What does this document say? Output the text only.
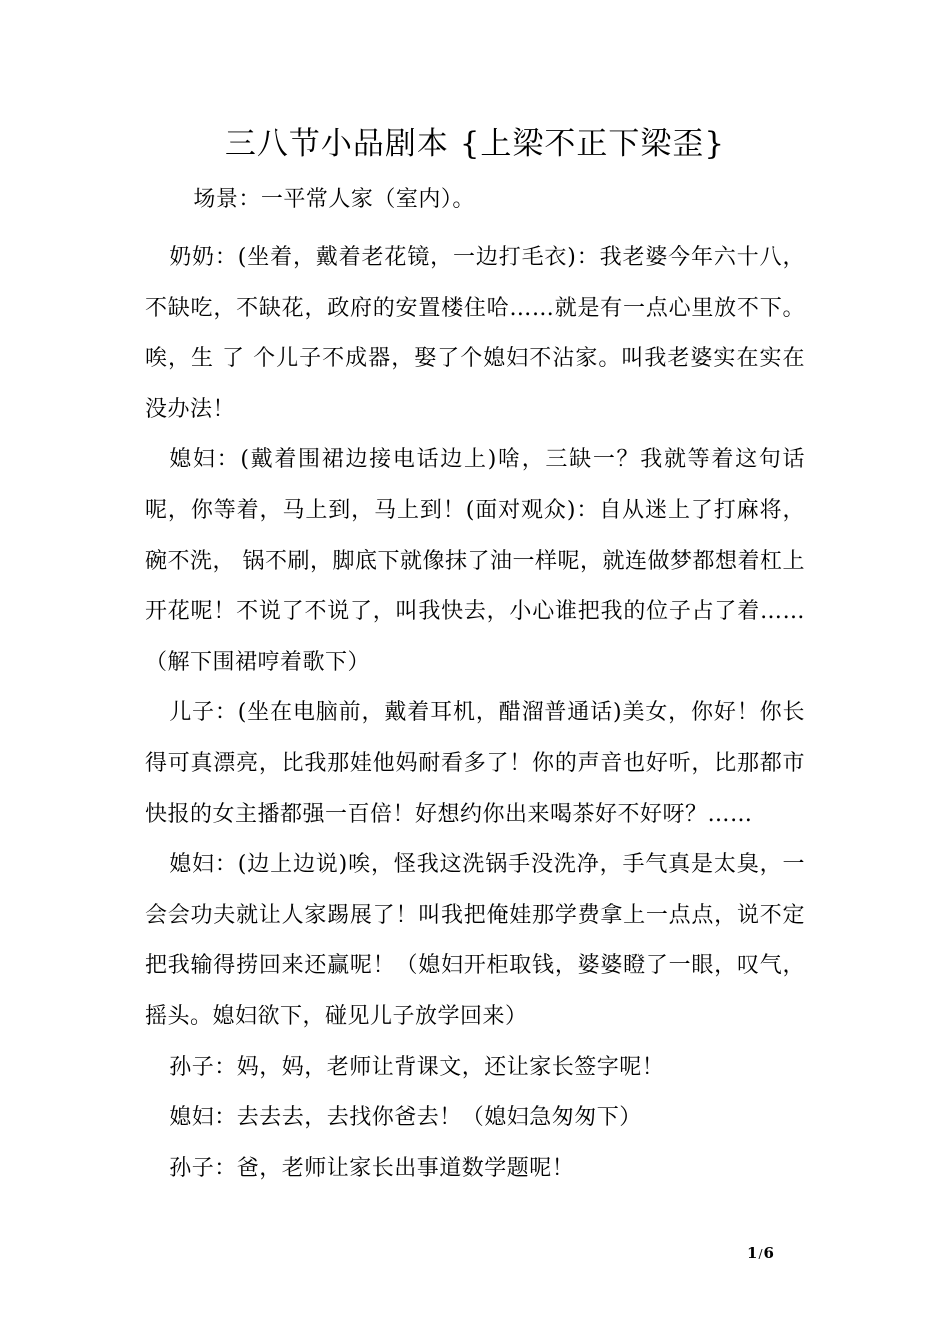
三八节小品剧本 {上梁不正下梁歪}

场景：一平常人家（室内）。

奶奶：(坐着，戴着老花镜，一边打毛衣)：我老婆今年六十八，不缺吃，不缺花，政府的安置楼住哈……就是有一点心里放不下。唉，生 了 个儿子不成器，娶了个媳妇不沾家。叫我老婆实在实在没办法！

媳妇：(戴着围裙边接电话边上)啥，三缺一？我就等着这句话呢，你等着，马上到，马上到！(面对观众)：自从迷上了打麻将，碗不洗， 锅不刷，脚底下就像抹了油一样呢，就连做梦都想着杠上开花呢！不说了不说了，叫我快去，小心谁把我的位子占了着……（解下围裙哼着歌下）

儿子：(坐在电脑前，戴着耳机，醋溜普通话)美女，你好！你长得可真漂亮，比我那娃他妈耐看多了！你的声音也好听，比那都市快报的女主播都强一百倍！好想约你出来喝茶好不好呀？……

媳妇：(边上边说)唉，怪我这洗锅手没洗净，手气真是太臭，一会会功夫就让人家踢展了！叫我把俺娃那学费拿上一点点，说不定把我输得捞回来还赢呢！（媳妇开柜取钱，婆婆瞪了一眼，叹气，摇头。媳妇欲下，碰见儿子放学回来）

孙子：妈，妈，老师让背课文，还让家长签字呢！

媳妇：去去去，去找你爸去！（媳妇急匆匆下）

孙子：爸，老师让家长出事道数学题呢！

1/6
